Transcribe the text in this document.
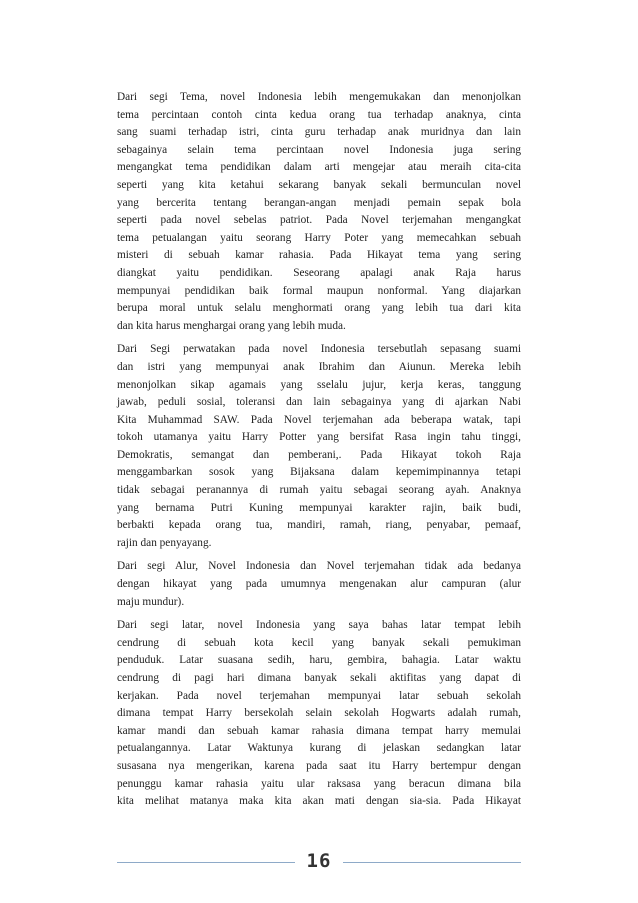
Dari segi Tema, novel Indonesia lebih mengemukakan dan menonjolkan
tema percintaan contoh cinta kedua orang tua terhadap anaknya, cinta
sang suami terhadap istri, cinta guru terhadap anak muridnya dan lain
sebagainya selain tema percintaan novel Indonesia juga sering
mengangkat tema pendidikan dalam arti mengejar atau meraih cita-cita
seperti yang kita ketahui sekarang banyak sekali bermunculan novel
yang bercerita tentang berangan-angan menjadi pemain sepak bola
seperti pada novel sebelas patriot. Pada Novel terjemahan mengangkat
tema petualangan yaitu seorang Harry Poter yang memecahkan sebuah
misteri di sebuah kamar rahasia. Pada Hikayat tema yang sering
diangkat yaitu pendidikan. Seseorang apalagi anak Raja harus
mempunyai pendidikan baik formal maupun nonformal. Yang diajarkan
berupa moral untuk selalu menghormati orang yang lebih tua dari kita
dan kita harus menghargai orang yang lebih muda.

Dari Segi perwatakan pada novel Indonesia tersebutlah sepasang suami
dan istri yang mempunyai anak Ibrahim dan Aiunun. Mereka lebih
menonjolkan sikap agamais yang sselalu jujur, kerja keras, tanggung
jawab, peduli sosial, toleransi dan lain sebagainya yang di ajarkan Nabi
Kita Muhammad SAW. Pada Novel terjemahan ada beberapa watak, tapi
tokoh utamanya yaitu Harry Potter yang bersifat Rasa ingin tahu tinggi,
Demokratis, semangat dan pemberani,. Pada Hikayat tokoh Raja
menggambarkan sosok yang Bijaksana dalam kepemimpinannya tetapi
tidak sebagai peranannya di rumah yaitu sebagai seorang ayah. Anaknya
yang bernama Putri Kuning mempunyai karakter rajin, baik budi,
berbakti kepada orang tua, mandiri, ramah, riang, penyabar, pemaaf,
rajin dan penyayang.

Dari segi Alur, Novel Indonesia dan Novel terjemahan tidak ada bedanya
dengan hikayat yang pada umumnya mengenakan alur campuran (alur
maju mundur).

Dari segi latar, novel Indonesia yang saya bahas latar tempat lebih
cendrung di sebuah kota kecil yang banyak sekali pemukiman
penduduk. Latar suasana sedih, haru, gembira, bahagia. Latar waktu
cendrung di pagi hari dimana banyak sekali aktifitas yang dapat di
kerjakan. Pada novel terjemahan mempunyai latar sebuah sekolah
dimana tempat Harry bersekolah selain sekolah Hogwarts adalah rumah,
kamar mandi dan sebuah kamar rahasia dimana tempat harry memulai
petualangannya. Latar Waktunya kurang di jelaskan sedangkan latar
susasana nya mengerikan, karena pada saat itu Harry bertempur dengan
penunggu kamar rahasia yaitu ular raksasa yang beracun dimana bila
kita melihat matanya maka kita akan mati dengan sia-sia. Pada Hikayat

16
